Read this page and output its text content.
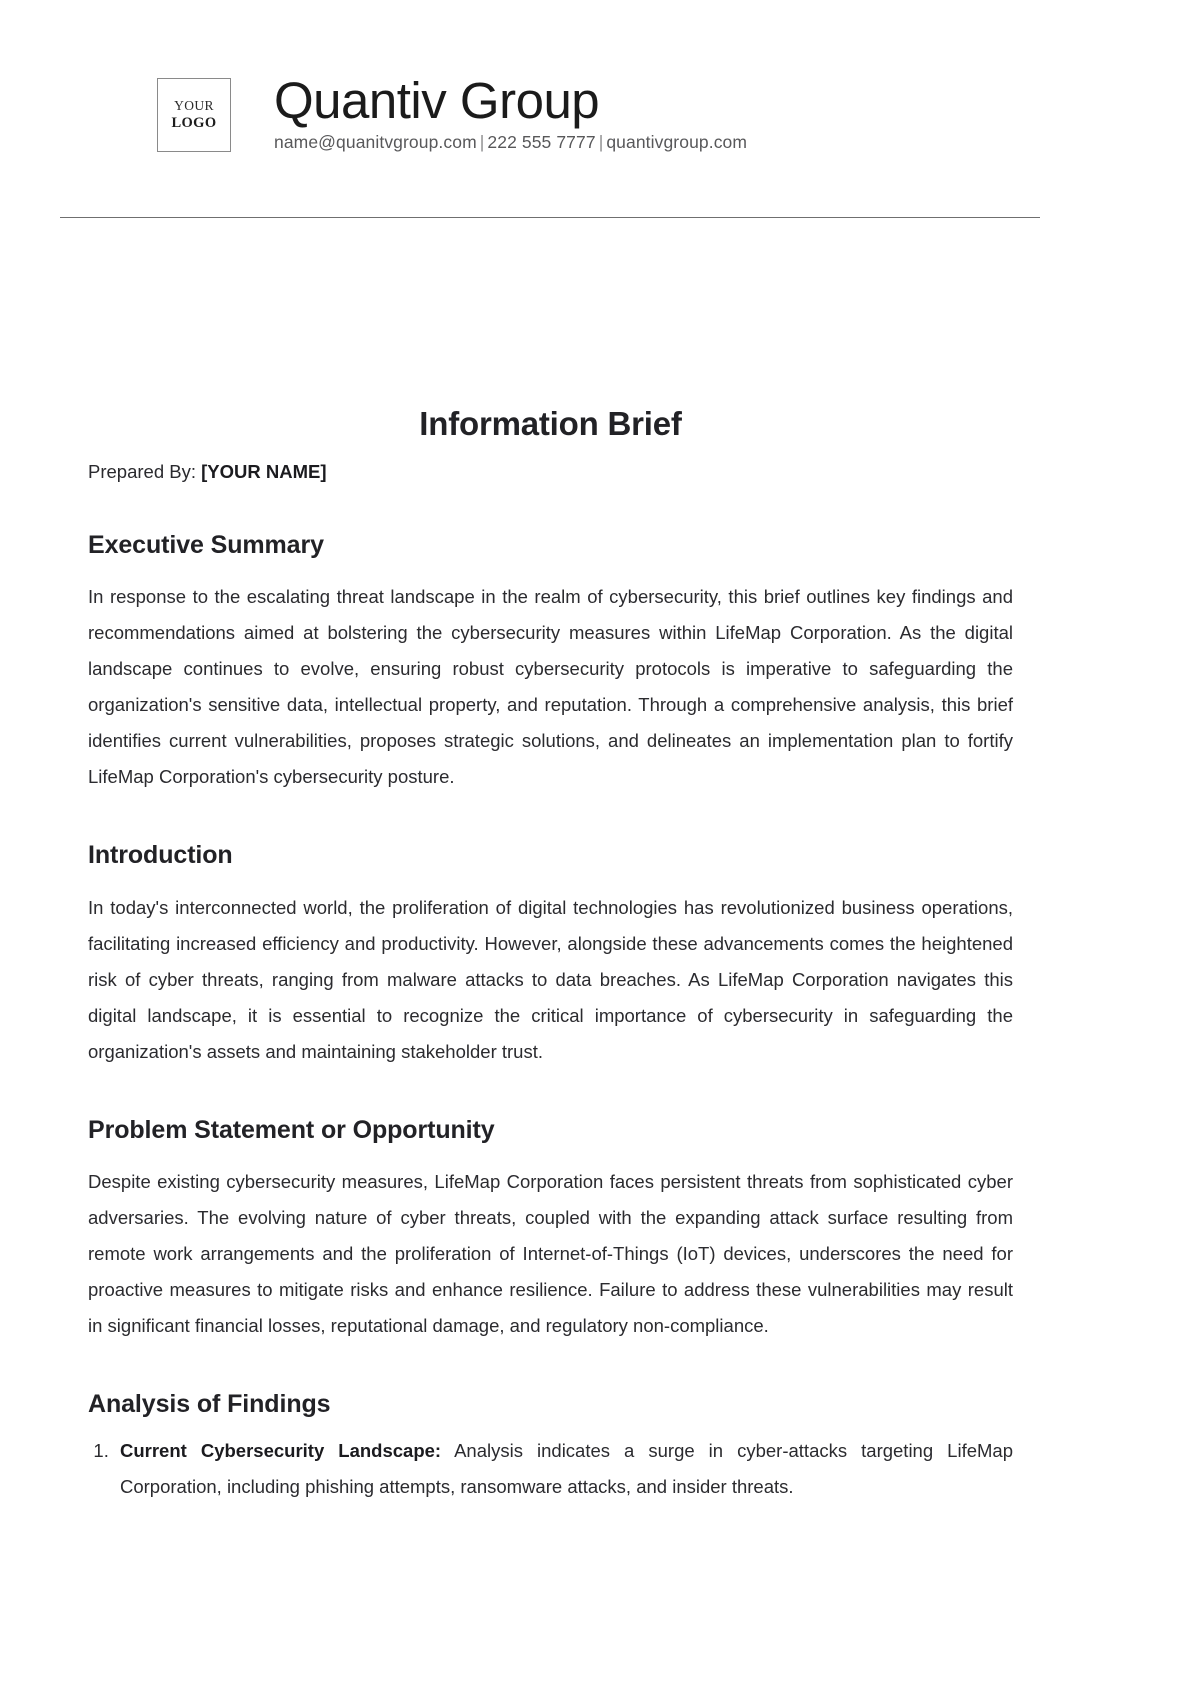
YOUR
LOGO Quantiv Group
name@quanitvgroup.com | 222 555 7777 | quantivgroup.com
Information Brief
Prepared By: [YOUR NAME]
Executive Summary

In response to the escalating threat landscape in the realm of cybersecurity, this brief outlines key findings and recommendations aimed at bolstering the cybersecurity measures within LifeMap Corporation. As the digital landscape continues to evolve, ensuring robust cybersecurity protocols is imperative to safeguarding the organization's sensitive data, intellectual property, and reputation. Through a comprehensive analysis, this brief identifies current vulnerabilities, proposes strategic solutions, and delineates an implementation plan to fortify LifeMap Corporation's cybersecurity posture.

Introduction

In today's interconnected world, the proliferation of digital technologies has revolutionized business operations, facilitating increased efficiency and productivity. However, alongside these advancements comes the heightened risk of cyber threats, ranging from malware attacks to data breaches. As LifeMap Corporation navigates this digital landscape, it is essential to recognize the critical importance of cybersecurity in safeguarding the organization's assets and maintaining stakeholder trust.

Problem Statement or Opportunity

Despite existing cybersecurity measures, LifeMap Corporation faces persistent threats from sophisticated cyber adversaries. The evolving nature of cyber threats, coupled with the expanding attack surface resulting from remote work arrangements and the proliferation of Internet-of-Things (IoT) devices, underscores the need for proactive measures to mitigate risks and enhance resilience. Failure to address these vulnerabilities may result in significant financial losses, reputational damage, and regulatory non-compliance.

Analysis of Findings
1. Current Cybersecurity Landscape: Analysis indicates a surge in cyber-attacks targeting LifeMap Corporation, including phishing attempts, ransomware attacks, and insider threats.
